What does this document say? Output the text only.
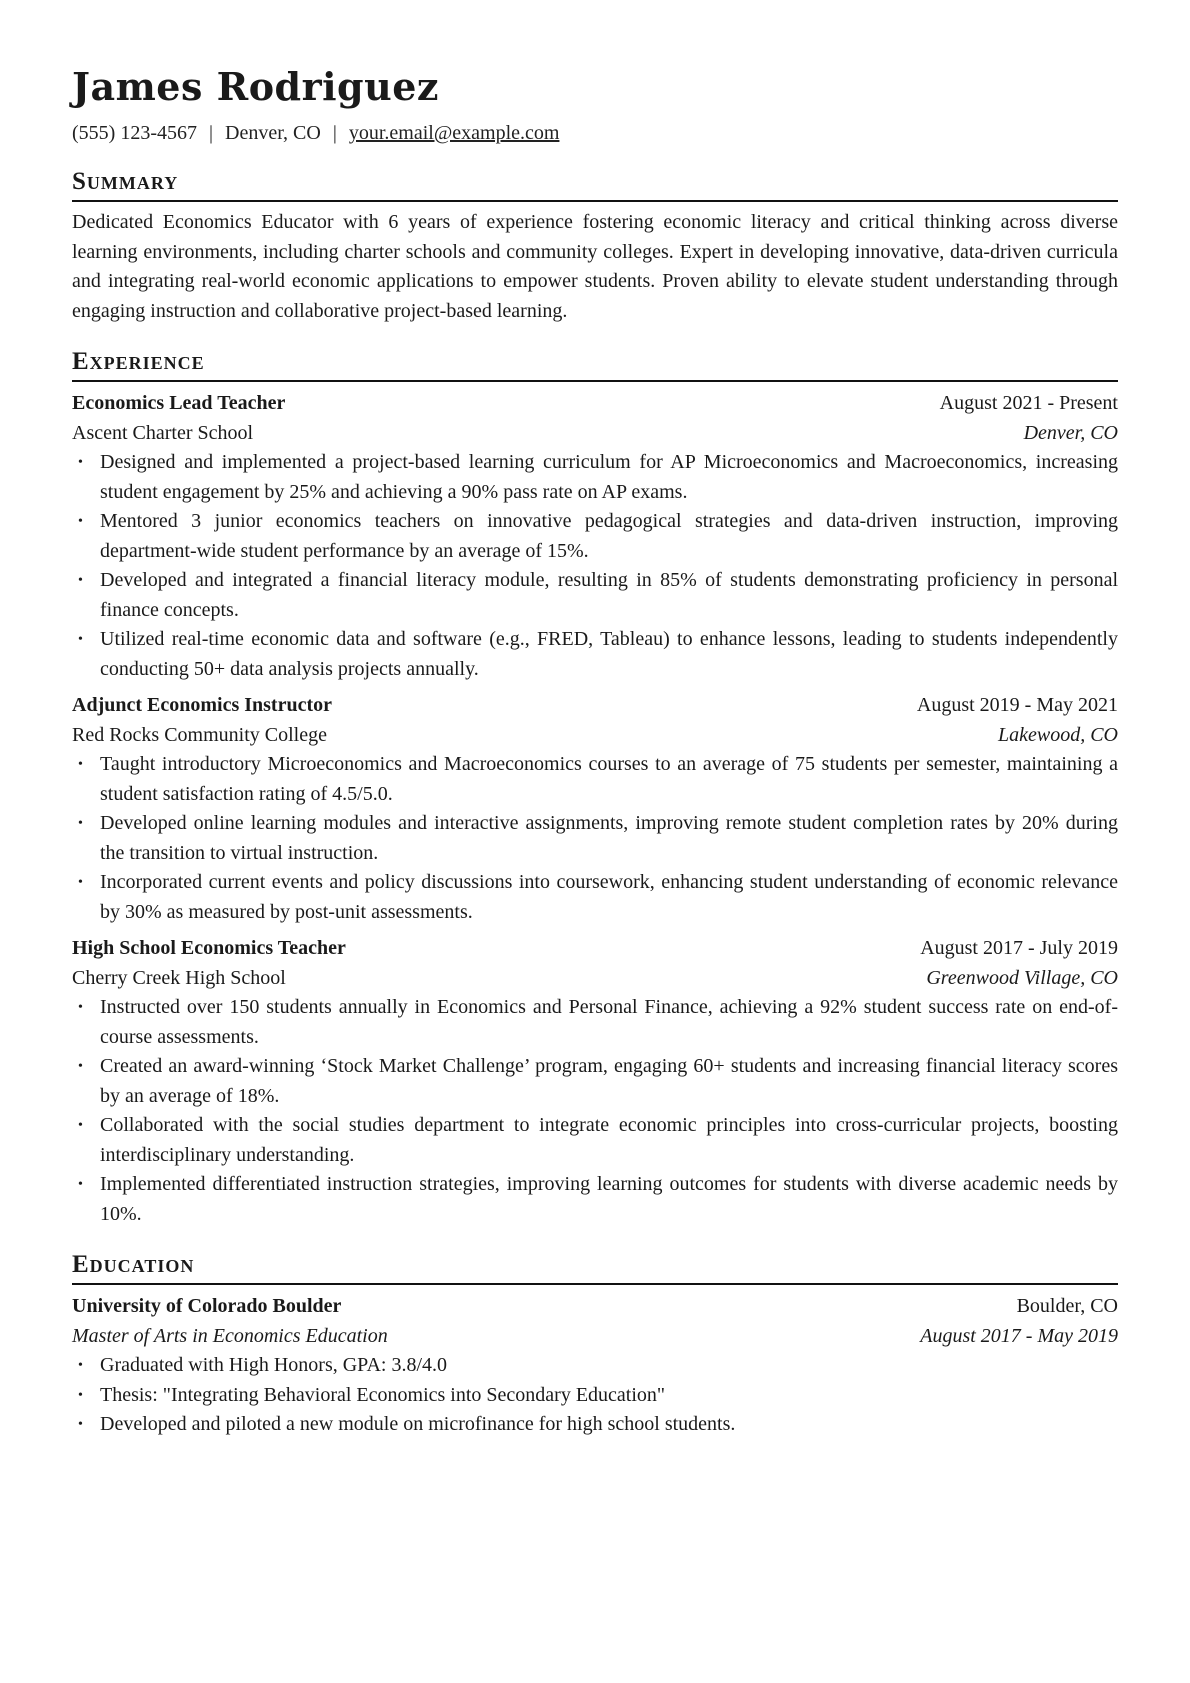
James Rodriguez
(555) 123-4567 | Denver, CO | your.email@example.com
Summary
Dedicated Economics Educator with 6 years of experience fostering economic literacy and critical thinking across diverse learning environments, including charter schools and community colleges. Expert in developing innovative, data-driven curricula and integrating real-world economic applications to empower students. Proven ability to elevate student understanding through engaging instruction and collaborative project-based learning.
Experience
Economics Lead Teacher	August 2021 - Present
Ascent Charter School	Denver, CO
• Designed and implemented a project-based learning curriculum for AP Microeconomics and Macroeconomics, increasing student engagement by 25% and achieving a 90% pass rate on AP exams.
• Mentored 3 junior economics teachers on innovative pedagogical strategies and data-driven instruction, improving department-wide student performance by an average of 15%.
• Developed and integrated a financial literacy module, resulting in 85% of students demonstrating proficiency in personal finance concepts.
• Utilized real-time economic data and software (e.g., FRED, Tableau) to enhance lessons, leading to students independently conducting 50+ data analysis projects annually.
Adjunct Economics Instructor	August 2019 - May 2021
Red Rocks Community College	Lakewood, CO
• Taught introductory Microeconomics and Macroeconomics courses to an average of 75 students per semester, maintaining a student satisfaction rating of 4.5/5.0.
• Developed online learning modules and interactive assignments, improving remote student completion rates by 20% during the transition to virtual instruction.
• Incorporated current events and policy discussions into coursework, enhancing student understanding of economic relevance by 30% as measured by post-unit assessments.
High School Economics Teacher	August 2017 - July 2019
Cherry Creek High School	Greenwood Village, CO
• Instructed over 150 students annually in Economics and Personal Finance, achieving a 92% student success rate on end-of-course assessments.
• Created an award-winning ‘Stock Market Challenge’ program, engaging 60+ students and increasing financial literacy scores by an average of 18%.
• Collaborated with the social studies department to integrate economic principles into cross-curricular projects, boosting interdisciplinary understanding.
• Implemented differentiated instruction strategies, improving learning outcomes for students with diverse academic needs by 10%.
Education
University of Colorado Boulder	Boulder, CO
Master of Arts in Economics Education	August 2017 - May 2019
• Graduated with High Honors, GPA: 3.8/4.0
• Thesis: "Integrating Behavioral Economics into Secondary Education"
• Developed and piloted a new module on microfinance for high school students.
